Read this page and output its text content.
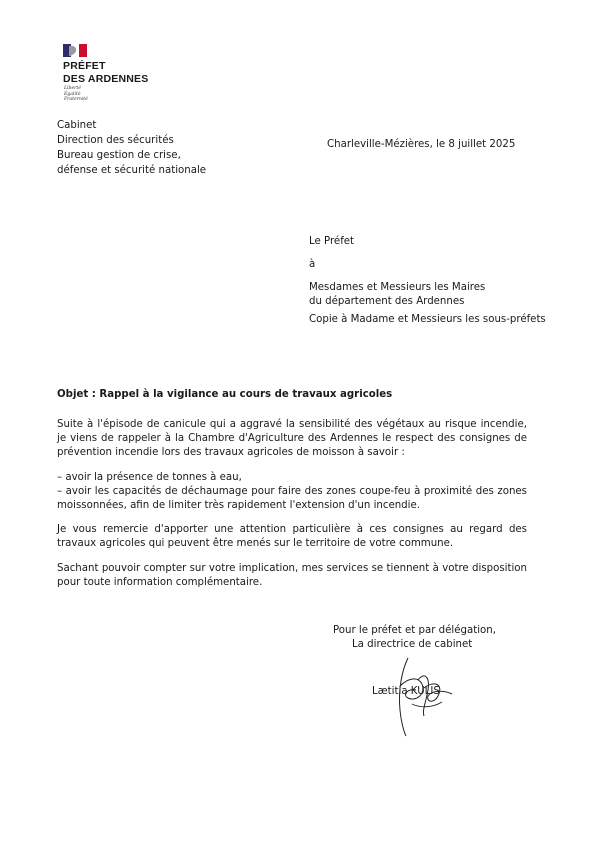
PRÉFET
DES ARDENNES
Liberté
Égalité
Fraternité
Cabinet
Direction des sécurités
Bureau gestion de crise,
défense et sécurité nationale
Charleville-Mézières, le 8 juillet 2025
Le Préfet
à
Mesdames et Messieurs les Maires
du département des Ardennes
Copie à Madame et Messieurs les sous-préfets
Objet : Rappel à la vigilance au cours de travaux agricoles

Suite à l'épisode de canicule qui a aggravé la sensibilité des végétaux au risque incendie, je viens de rappeler à la Chambre d'Agriculture des Ardennes le respect des consignes de prévention incendie lors des travaux agricoles de moisson à savoir :

– avoir la présence de tonnes à eau,
– avoir les capacités de déchaumage pour faire des zones coupe-feu à proximité des zones moissonnées, afin de limiter très rapidement l'extension d'un incendie.

Je vous remercie d'apporter une attention particulière à ces consignes au regard des travaux agricoles qui peuvent être menés sur le territoire de votre commune.

Sachant pouvoir compter sur votre implication, mes services se tiennent à votre disposition pour toute information complémentaire.

Pour le préfet et par délégation,
La directrice de cabinet
Lætitia KULIS
